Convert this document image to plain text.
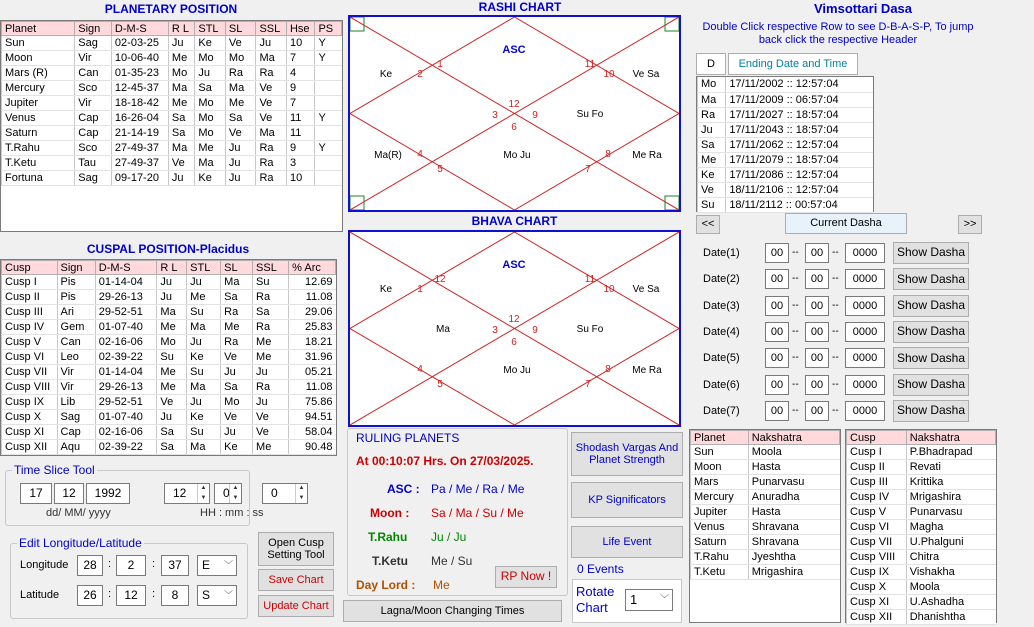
PLANETARY POSITION
Planet	Sign	D-M-S	R L	STL	SL	SSL	Hse	PS
Sun	Sag	02-03-25	Ju	Ke	Ve	Ju	10	Y
Moon	Vir	10-06-40	Me	Mo	Mo	Ma	7	Y
Mars (R)	Can	01-35-23	Mo	Ju	Ra	Ra	4	
Mercury	Sco	12-45-37	Ma	Sa	Ma	Ve	9	
Jupiter	Vir	18-18-42	Me	Mo	Me	Ve	7	
Venus	Cap	16-26-04	Sa	Mo	Sa	Ve	11	Y
Saturn	Cap	21-14-19	Sa	Mo	Ve	Ma	11	
T.Rahu	Sco	27-49-37	Ma	Me	Ju	Ra	9	Y
T.Ketu	Tau	27-49-37	Ve	Ma	Ju	Ra	3	
Fortuna	Sag	09-17-20	Ju	Ke	Ju	Ra	10	
CUSPAL POSITION-Placidus
Cusp	Sign	D-M-S	R L	STL	SL	SSL	% Arc
Cusp I	Pis	01-14-04	Ju	Ju	Ma	Su	12.69
Cusp II	Pis	29-26-13	Ju	Me	Sa	Ra	11.08
Cusp III	Ari	29-52-51	Ma	Su	Ra	Sa	29.06
Cusp IV	Gem	01-07-40	Me	Ma	Me	Ra	25.83
Cusp V	Can	02-16-06	Mo	Ju	Ra	Me	18.21
Cusp VI	Leo	02-39-22	Su	Ke	Ve	Me	31.96
Cusp VII	Vir	01-14-04	Me	Su	Ju	Ju	05.21
Cusp VIII	Vir	29-26-13	Me	Ma	Sa	Ra	11.08
Cusp IX	Lib	29-52-51	Ve	Ju	Mo	Ju	75.86
Cusp X	Sag	01-07-40	Ju	Ke	Ve	Ve	94.51
Cusp XI	Cap	02-16-06	Sa	Su	Ju	Ve	58.04
Cusp XII	Aqu	02-39-22	Sa	Ma	Ke	Me	90.48
Time Slice Tool
17	12	1992
dd/ MM/ yyyy
12	▲
▼	0 ▲
▼	0	▲
▼
HH : mm : ss
Edit Longitude/Latitude
Longitude	28	:	2	:	37	E ﹀
Latitude	26	:	12	:	8	S ﹀
Open Cusp Setting Tool
Save Chart
Update Chart
RASHI CHART
ASC
1
2
3
4
5
6
7
8
9
10
11
12
Ke	Ve Sa
Ma(R)	Mo Ju	Me Ra
Su Fo
BHAVA CHART
ASC
12
1
3
4
5
6
7
8
9
10
11
12
Ke	Ve Sa
Ma
Mo Ju	Me Ra
Su Fo
RULING PLANETS
At 00:10:07 Hrs. On 27/03/2025.
ASC : Pa / Me / Ra / Me
Moon : Sa / Ma / Su / Me
T.Rahu Ju / Ju
T.Ketu Me / Su
Day Lord : Me
RP Now !
Lagna/Moon Changing Times
Shodash Vargas And Planet Strength
KP Significators
Life Event
0 Events
Rotate Chart
1	﹀
Vimsottari Dasa
Double Click respective Row to see D-B-A-S-P, To jump back click the respective Header
D	Ending Date and Time
Mo	17/11/2002 :: 12:57:04
Ma	17/11/2009 :: 06:57:04
Ra	17/11/2027 :: 18:57:04
Ju	17/11/2043 :: 18:57:04
Sa	17/11/2062 :: 12:57:04
Me	17/11/2079 :: 18:57:04
Ke	17/11/2086 :: 12:57:04
Ve	18/11/2106 :: 12:57:04
Su	18/11/2112 :: 00:57:04
<<	Current Dasha	>>
Date(1)	00 --	00 --	0000	Show Dasha
Date(2)	00 --	00 --	0000	Show Dasha
Date(3)	00 --	00 --	0000	Show Dasha
Date(4)	00 --	00 --	0000	Show Dasha
Date(5)	00 --	00 --	0000	Show Dasha
Date(6)	00 --	00 --	0000	Show Dasha
Date(7)	00 --	00 --	0000	Show Dasha
Planet	Nakshatra
Sun	Moola
Moon	Hasta
Mars	Punarvasu
Mercury	Anuradha
Jupiter	Hasta
Venus	Shravana
Saturn	Shravana
T.Rahu	Jyeshtha
T.Ketu	Mrigashira
Cusp	Nakshatra
Cusp I	P.Bhadrapad
Cusp II	Revati
Cusp III	Krittika
Cusp IV	Mrigashira
Cusp V	Punarvasu
Cusp VI	Magha
Cusp VII	U.Phalguni
Cusp VIII	Chitra
Cusp IX	Vishakha
Cusp X	Moola
Cusp XI	U.Ashadha
Cusp XII	Dhanishtha
